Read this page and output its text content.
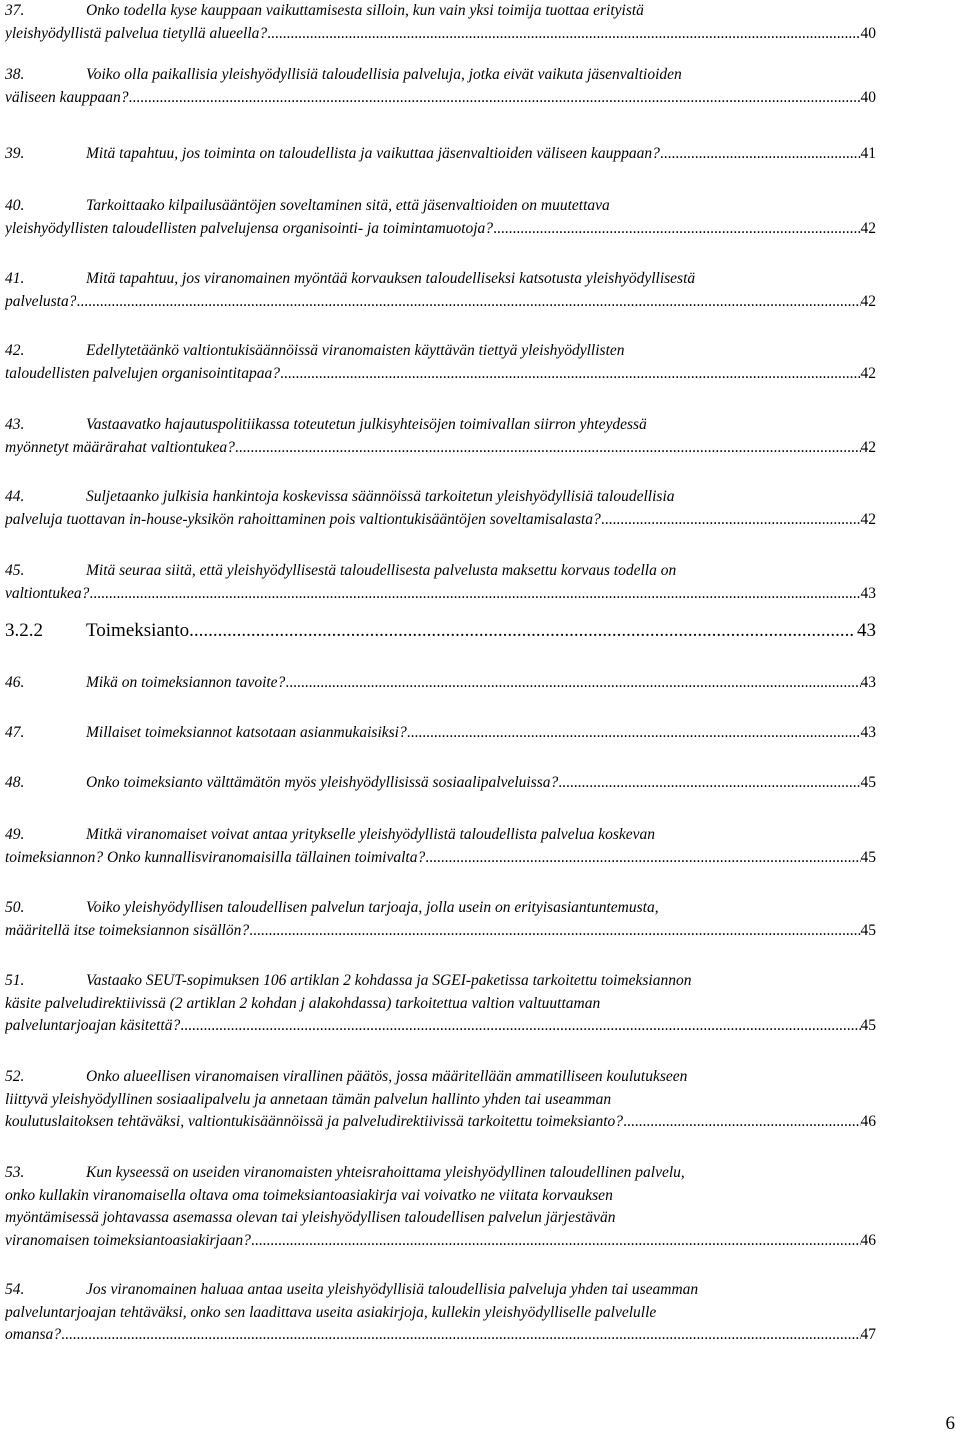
37.	Onko todella kyse kauppaan vaikuttamisesta silloin, kun vain yksi toimija tuottaa erityistä
yleishyödyllistä palvelua tietyllä alueella? .....	40
38.	Voiko olla paikallisia yleishyödyllisiä taloudellisia palveluja, jotka eivät vaikuta jäsenvaltioiden
väliseen kauppaan? .....	40
39.	Mitä tapahtuu, jos toiminta on taloudellista ja vaikuttaa jäsenvaltioiden väliseen kauppaan? .....	41
40.	Tarkoittaako kilpailusääntöjen soveltaminen sitä, että jäsenvaltioiden on muutettava
yleishyödyllisten taloudellisten palvelujensa organisointi- ja toimintamuotoja? .....	42
41.	Mitä tapahtuu, jos viranomainen myöntää korvauksen taloudelliseksi katsotusta yleishyödyllisestä
palvelusta? .....	42
42.	Edellytetäänkö valtiontukisäännöissä viranomaisten käyttävän tiettyä yleishyödyllisten
taloudellisten palvelujen organisointitapaa? .....	42
43.	Vastaavatko hajautuspolitiikassa toteutetun julkisyhteisöjen toimivallan siirron yhteydessä
myönnetyt määrärahat valtiontukea? .....	42
44.	Suljetaanko julkisia hankintoja koskevissa säännöissä tarkoitetun yleishyödyllisiä taloudellisia
palveluja tuottavan in-house-yksikön rahoittaminen pois valtiontukisääntöjen soveltamisalasta? .....	42
45.	Mitä seuraa siitä, että yleishyödyllisestä taloudellisesta palvelusta maksettu korvaus todella on
valtiontukea? .....	43
3.2.2	Toimeksianto .....	43
46.	Mikä on toimeksiannon tavoite? .....	43
47.	Millaiset toimeksiannot katsotaan asianmukaisiksi? .....	43
48.	Onko toimeksianto välttämätön myös yleishyödyllisissä sosiaalipalveluissa? .....	45
49.	Mitkä viranomaiset voivat antaa yritykselle yleishyödyllistä taloudellista palvelua koskevan
toimeksiannon? Onko kunnallisviranomaisilla tällainen toimivalta? .....	45
50.	Voiko yleishyödyllisen taloudellisen palvelun tarjoaja, jolla usein on erityisasiantuntemusta,
määritellä itse toimeksiannon sisällön? .....	45
51.	Vastaako SEUT-sopimuksen 106 artiklan 2 kohdassa ja SGEI-paketissa tarkoitettu toimeksiannon
käsite palveludirektiivissä (2 artiklan 2 kohdan j alakohdassa) tarkoitettua valtion valtuuttaman
palveluntarjoajan käsitettä? .....	45
52.	Onko alueellisen viranomaisen virallinen päätös, jossa määritellään ammatilliseen koulutukseen
liittyvä yleishyödyllinen sosiaalipalvelu ja annetaan tämän palvelun hallinto yhden tai useamman
koulutuslaitoksen tehtäväksi, valtiontukisäännöissä ja palveludirektiivissä tarkoitettu toimeksianto? .....	46
53.	Kun kyseessä on useiden viranomaisten yhteisrahoittama yleishyödyllinen taloudellinen palvelu,
onko kullakin viranomaisella oltava oma toimeksiantoasiakirja vai voivatko ne viitata korvauksen
myöntämisessä johtavassa asemassa olevan tai yleishyödyllisen taloudellisen palvelun järjestävän
viranomaisen toimeksiantoasiakirjaan? .....	46
54.	Jos viranomainen haluaa antaa useita yleishyödyllisiä taloudellisia palveluja yhden tai useamman
palveluntarjoajan tehtäväksi, onko sen laadittava useita asiakirjoja, kullekin yleishyödylliselle palvelulle
omansa? .....	47
6
